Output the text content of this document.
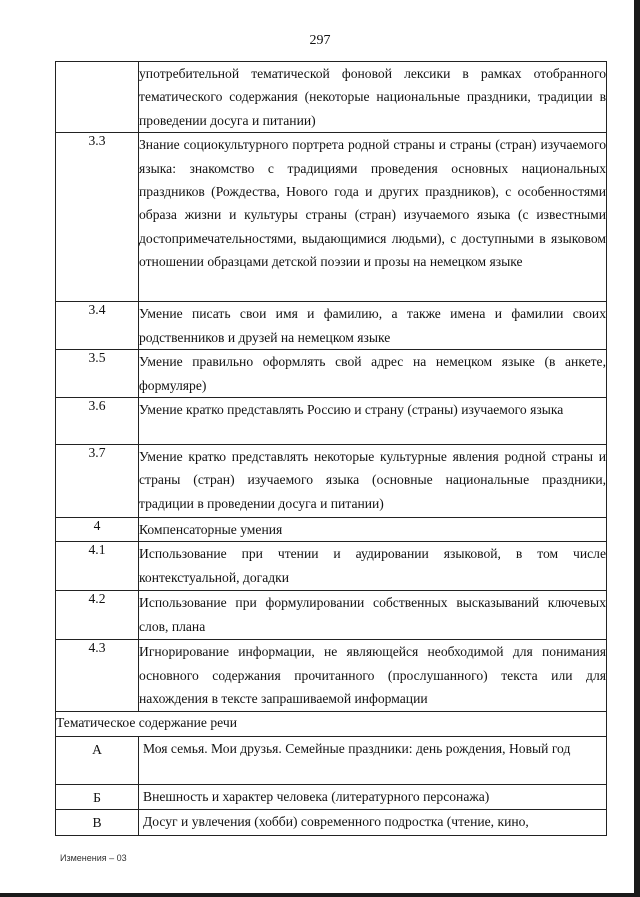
297
	употребительной тематической фоновой лексики в рамках отобранного тематического содержания (некоторые национальные праздники, традиции в проведении досуга и питании)
3.3	Знание социокультурного портрета родной страны и страны (стран) изучаемого языка: знакомство с традициями проведения основных национальных праздников (Рождества, Нового года и других праздников), с особенностями образа жизни и культуры страны (стран) изучаемого языка (с известными достопримечательностями, выдающимися людьми), с доступными в языковом отношении образцами детской поэзии и прозы на немецком языке
3.4	Умение писать свои имя и фамилию, а также имена и фамилии своих родственников и друзей на немецком языке
3.5	Умение правильно оформлять свой адрес на немецком языке (в анкете, формуляре)
3.6	Умение кратко представлять Россию и страну (страны) изучаемого языка
3.7	Умение кратко представлять некоторые культурные явления родной страны и страны (стран) изучаемого языка (основные национальные праздники, традиции в проведении досуга и питании)
4	Компенсаторные умения
4.1	Использование при чтении и аудировании языковой, в том числе контекстуальной, догадки
4.2	Использование при формулировании собственных высказываний ключевых слов, плана
4.3	Игнорирование информации, не являющейся необходимой для понимания основного содержания прочитанного (прослушанного) текста или для нахождения в тексте запрашиваемой информации
Тематическое содержание речи	
А	Моя семья. Мои друзья. Семейные праздники: день рождения, Новый год
Б	Внешность и характер человека (литературного персонажа)
В	Досуг и увлечения (хобби) современного подростка (чтение, кино,
Изменения – 03
